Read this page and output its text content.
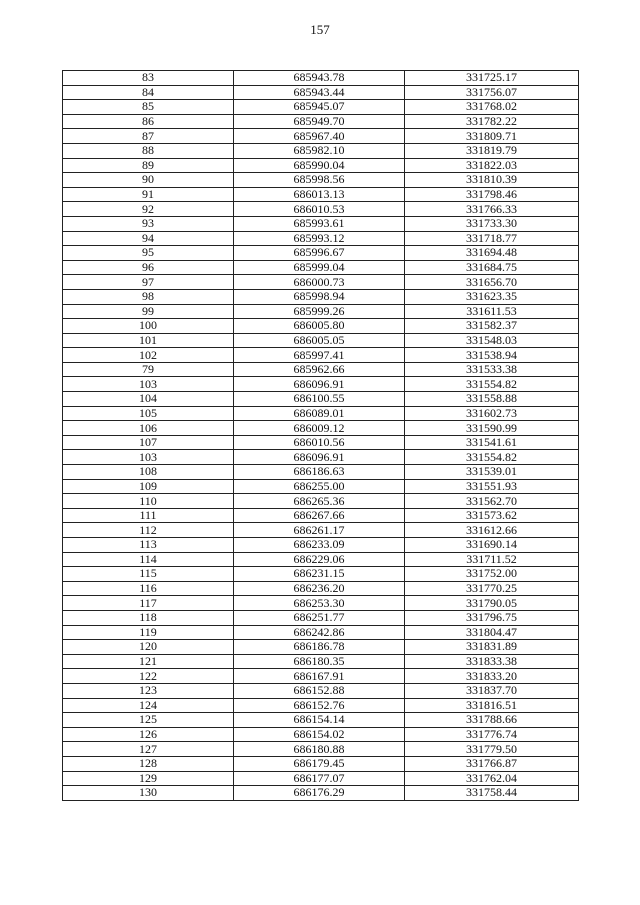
157
83	685943.78	331725.17
84	685943.44	331756.07
85	685945.07	331768.02
86	685949.70	331782.22
87	685967.40	331809.71
88	685982.10	331819.79
89	685990.04	331822.03
90	685998.56	331810.39
91	686013.13	331798.46
92	686010.53	331766.33
93	685993.61	331733.30
94	685993.12	331718.77
95	685996.67	331694.48
96	685999.04	331684.75
97	686000.73	331656.70
98	685998.94	331623.35
99	685999.26	331611.53
100	686005.80	331582.37
101	686005.05	331548.03
102	685997.41	331538.94
79	685962.66	331533.38
103	686096.91	331554.82
104	686100.55	331558.88
105	686089.01	331602.73
106	686009.12	331590.99
107	686010.56	331541.61
103	686096.91	331554.82
108	686186.63	331539.01
109	686255.00	331551.93
110	686265.36	331562.70
111	686267.66	331573.62
112	686261.17	331612.66
113	686233.09	331690.14
114	686229.06	331711.52
115	686231.15	331752.00
116	686236.20	331770.25
117	686253.30	331790.05
118	686251.77	331796.75
119	686242.86	331804.47
120	686186.78	331831.89
121	686180.35	331833.38
122	686167.91	331833.20
123	686152.88	331837.70
124	686152.76	331816.51
125	686154.14	331788.66
126	686154.02	331776.74
127	686180.88	331779.50
128	686179.45	331766.87
129	686177.07	331762.04
130	686176.29	331758.44
